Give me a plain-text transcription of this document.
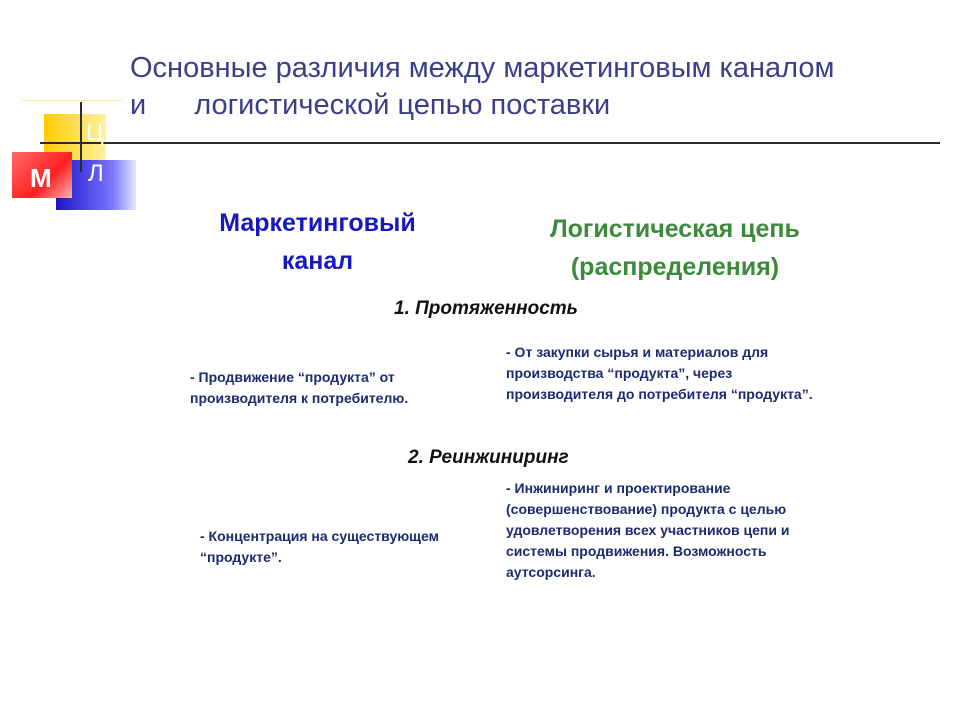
М
Ц
Л
Основные различия между маркетинговым каналом
и логистической цепью поставки
Маркетинговый
канал
Логистическая цепь
(распределения)
1. Протяженность
- Продвижение “продукта” от производителя к потребителю.
- От закупки сырья и материалов для производства “продукта”, через производителя до потребителя “продукта”.
2. Реинжиниринг
- Концентрация на существующем “продукте”.
- Инжиниринг и проектирование (совершенствование) продукта с целью удовлетворения всех участников цепи и системы продвижения. Возможность аутсорсинга.
